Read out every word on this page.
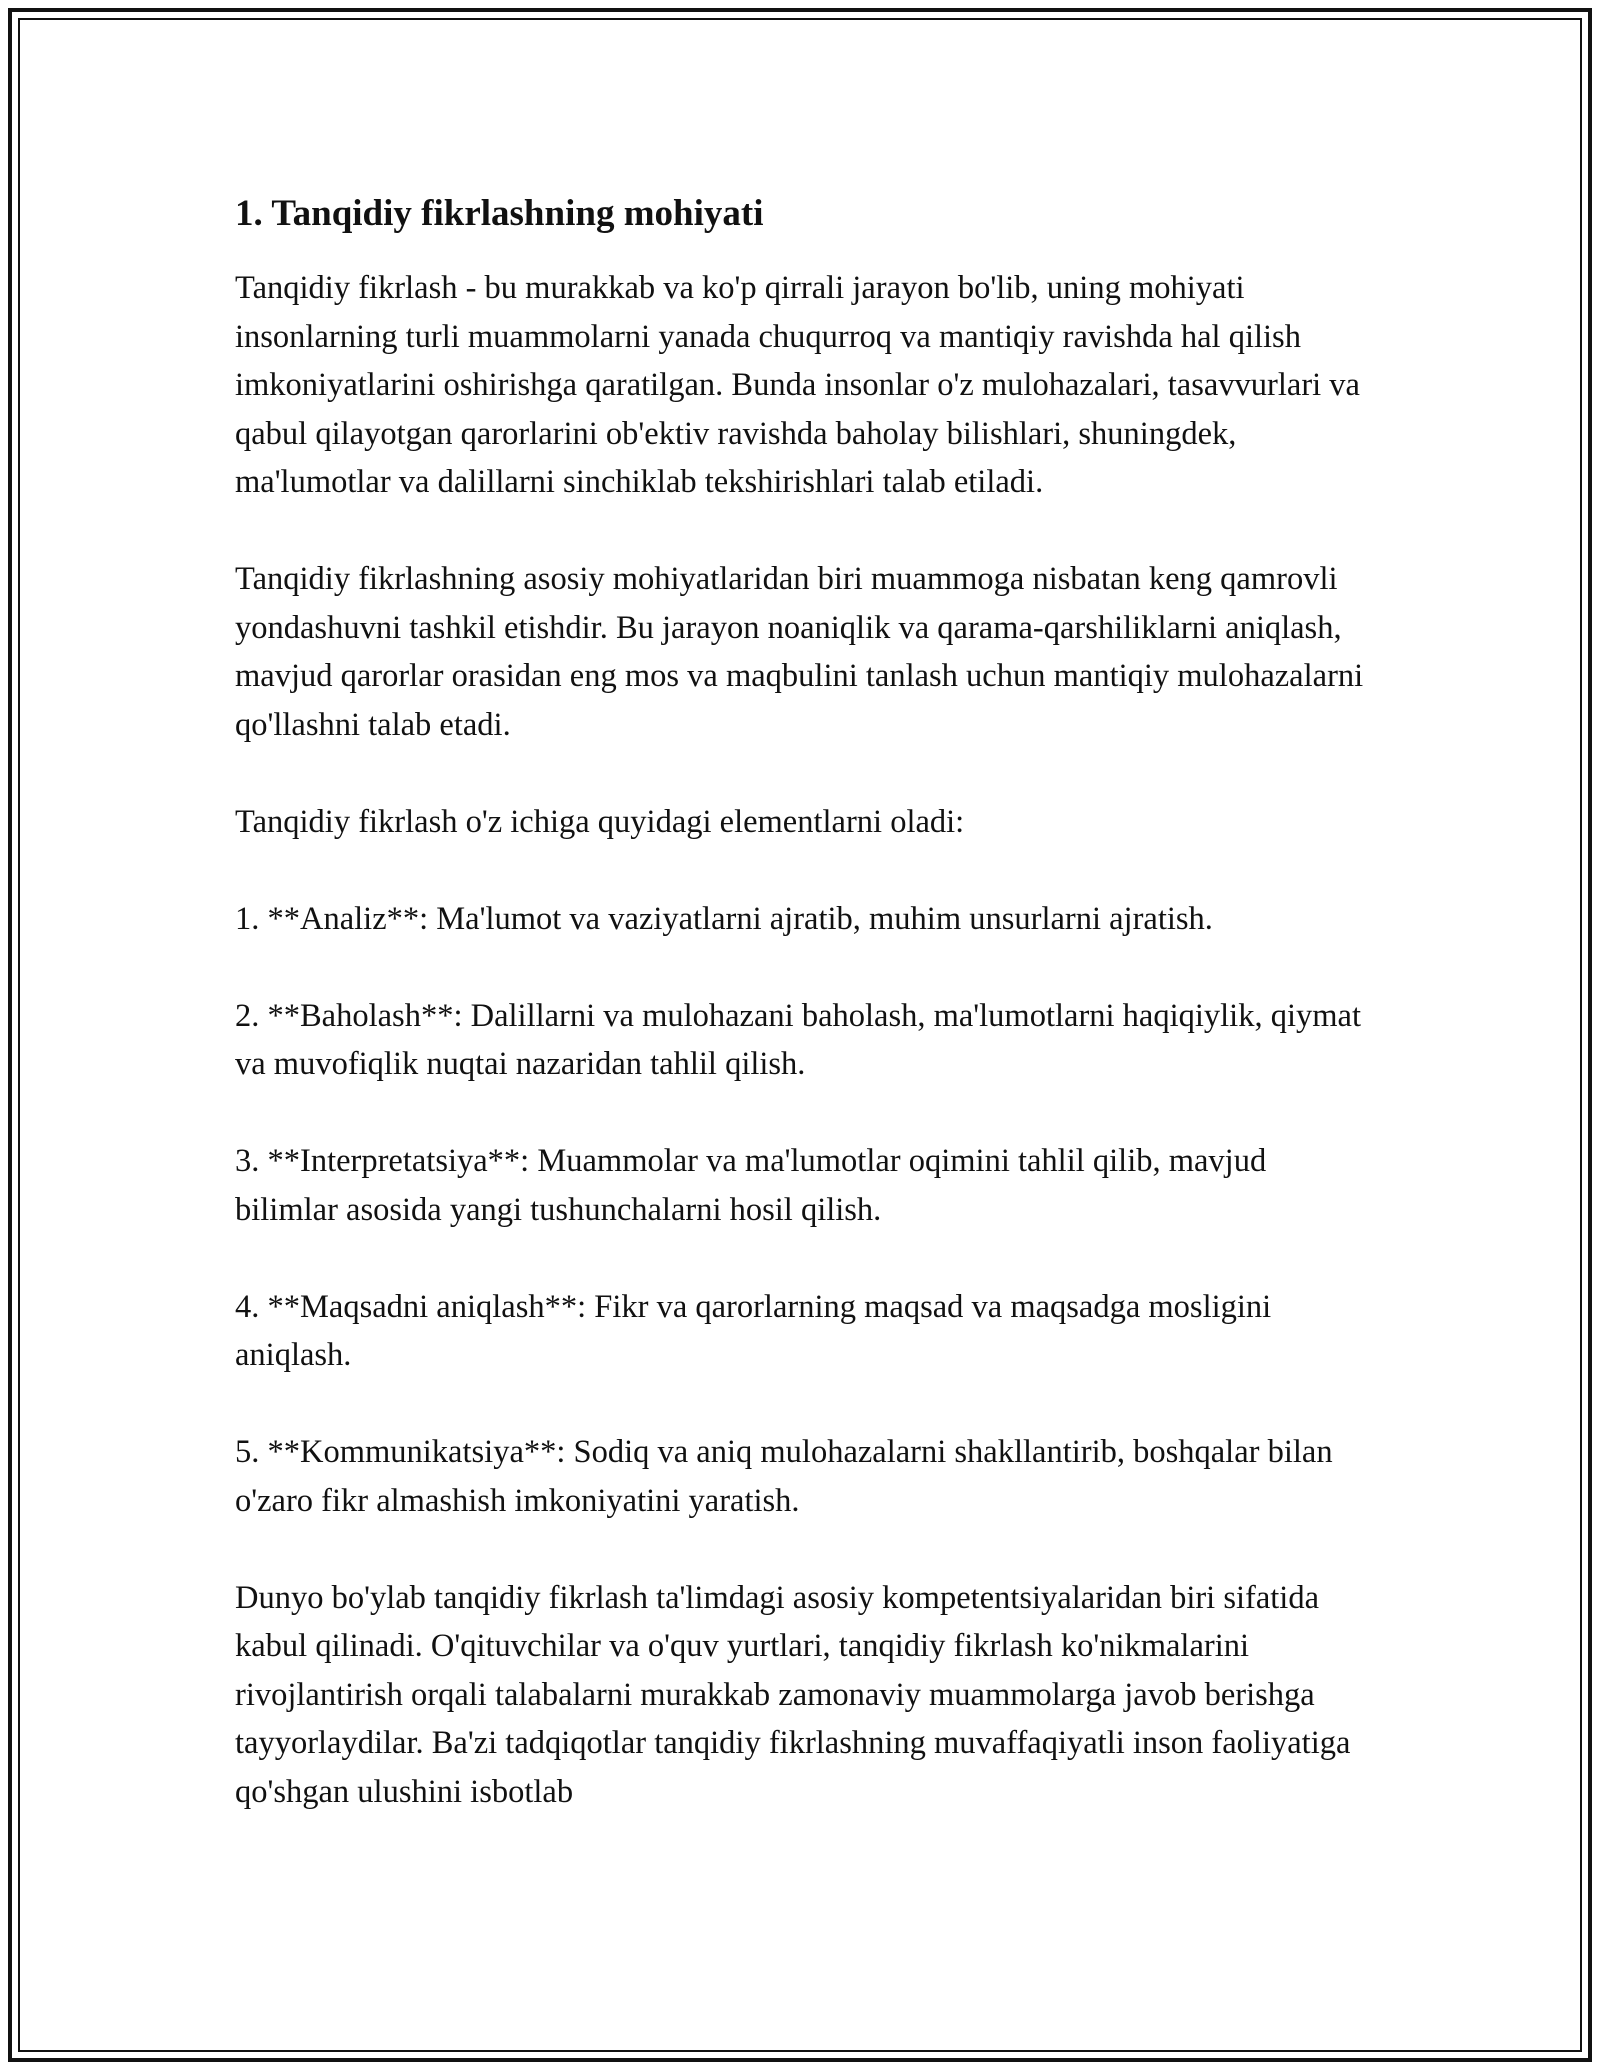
1. Tanqidiy fikrlashning mohiyati

Tanqidiy fikrlash - bu murakkab va ko'p qirrali jarayon bo'lib, uning mohiyati insonlarning turli muammolarni yanada chuqurroq va mantiqiy ravishda hal qilish imkoniyatlarini oshirishga qaratilgan. Bunda insonlar o'z mulohazalari, tasavvurlari va qabul qilayotgan qarorlarini ob'ektiv ravishda baholay bilishlari, shuningdek, ma'lumotlar va dalillarni sinchiklab tekshirishlari talab etiladi.

Tanqidiy fikrlashning asosiy mohiyatlaridan biri muammoga nisbatan keng qamrovli yondashuvni tashkil etishdir. Bu jarayon noaniqlik va qarama-qarshiliklarni aniqlash, mavjud qarorlar orasidan eng mos va maqbulini tanlash uchun mantiqiy mulohazalarni qo'llashni talab etadi.

Tanqidiy fikrlash o'z ichiga quyidagi elementlarni oladi:

1. **Analiz**: Ma'lumot va vaziyatlarni ajratib, muhim unsurlarni ajratish.

2. **Baholash**: Dalillarni va mulohazani baholash, ma'lumotlarni haqiqiylik, qiymat va muvofiqlik nuqtai nazaridan tahlil qilish.

3. **Interpretatsiya**: Muammolar va ma'lumotlar oqimini tahlil qilib, mavjud bilimlar asosida yangi tushunchalarni hosil qilish.

4. **Maqsadni aniqlash**: Fikr va qarorlarning maqsad va maqsadga mosligini aniqlash.

5. **Kommunikatsiya**: Sodiq va aniq mulohazalarni shakllantirib, boshqalar bilan o'zaro fikr almashish imkoniyatini yaratish.

Dunyo bo'ylab tanqidiy fikrlash ta'limdagi asosiy kompetentsiyalaridan biri sifatida kabul qilinadi. O'qituvchilar va o'quv yurtlari, tanqidiy fikrlash ko'nikmalarini rivojlantirish orqali talabalarni murakkab zamonaviy muammolarga javob berishga tayyorlaydilar. Ba'zi tadqiqotlar tanqidiy fikrlashning muvaffaqiyatli inson faoliyatiga qo'shgan ulushini isbotlab
